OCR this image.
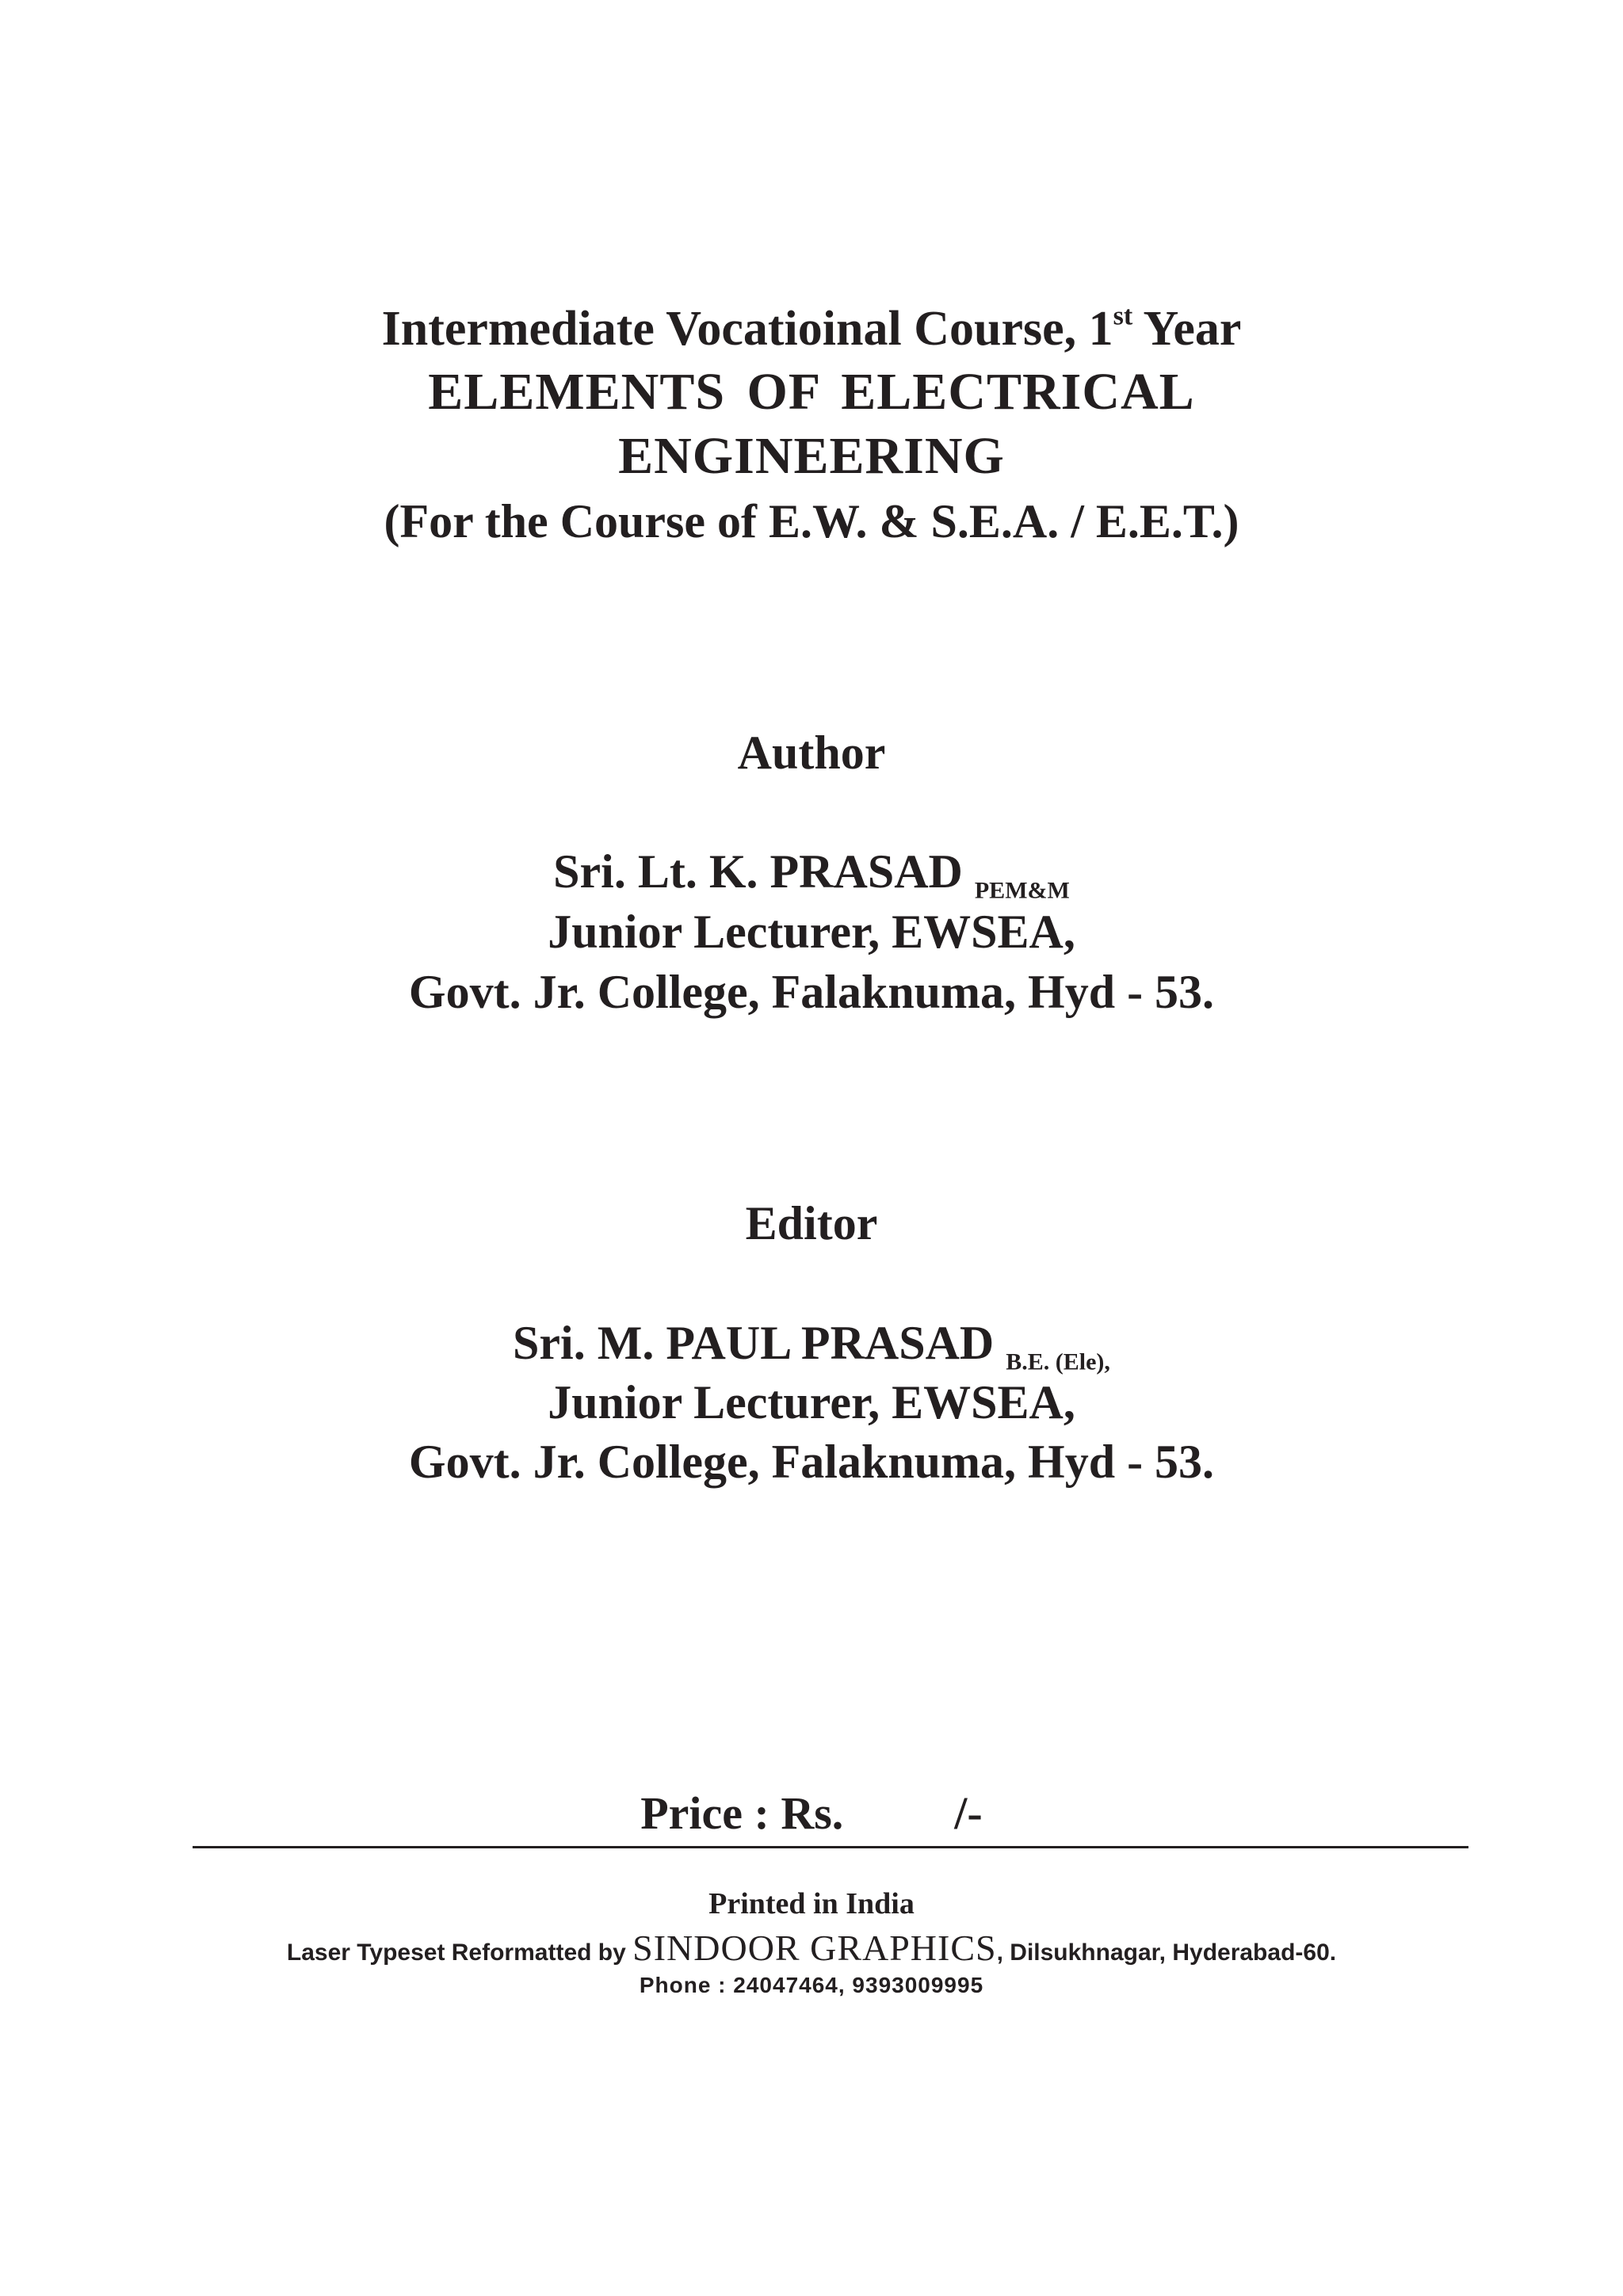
Intermediate Vocatioinal Course, 1st Year
ELEMENTS OF ELECTRICAL
ENGINEERING
(For the Course of E.W. & S.E.A. / E.E.T.)
Author
Sri. Lt. K. PRASAD $_{PEM\&M}$
Junior Lecturer, EWSEA,
Govt. Jr. College, Falaknuma, Hyd - 53.
Editor
Sri. M. PAUL PRASAD $_{B.E. (Ele),}$
Junior Lecturer, EWSEA,
Govt. Jr. College, Falaknuma, Hyd - 53.
Price : Rs. /-
Printed in India
Laser Typeset Reformatted by SINDOOR GRAPHICS, Dilsukhnagar, Hyderabad-60.
Phone : 24047464, 9393009995
